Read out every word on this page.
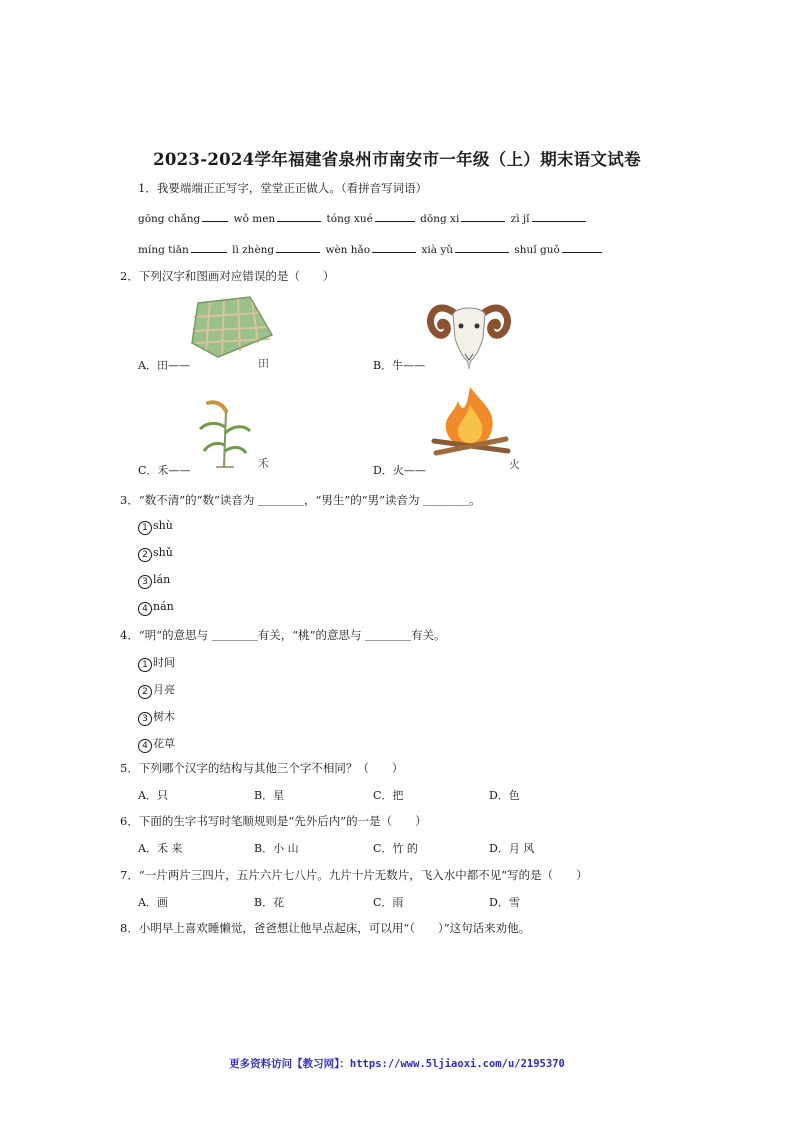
2023-2024学年福建省泉州市南安市一年级（上）期末语文试卷
1．我要端端正正写字，堂堂正正做人。（看拼音写词语）
gōng chǎng	wǒ men	tóng xué	dōng xi	zì jǐ
míng tiān	lì zhèng	wèn hǎo	xià yǔ	shuǐ guǒ
2．下列汉字和图画对应错误的是（　　）
A．田——	田	B．牛——
C．禾——
禾
D．火——	火
3．“数不清”的“数”读音为 ＿＿＿＿，“男生”的“男”读音为 ＿＿＿＿。
1 shù
2 shǔ
3 lán
4 nán
4．“明”的意思与 ＿＿＿＿有关，“桃”的意思与 ＿＿＿＿有关。
1 时间
2 月亮
3 树木
4 花草
5．下列哪个汉字的结构与其他三个字不相同？（　　）
A．只	B．星	C．把	D．色
6．下面的生字书写时笔顺规则是“先外后内”的一是（　　）
A．禾 来	B．小 山	C．竹 的	D．月 风
7．“一片两片三四片，五片六片七八片。九片十片无数片，飞入水中都不见”写的是（　　）
A．画	B．花	C．雨	D．雪
8．小明早上喜欢睡懒觉，爸爸想让他早点起床，可以用“（　　）”这句话来劝他。
更多资料访问【教习网】：https://www.5ljiaoxi.com/u/2195370
